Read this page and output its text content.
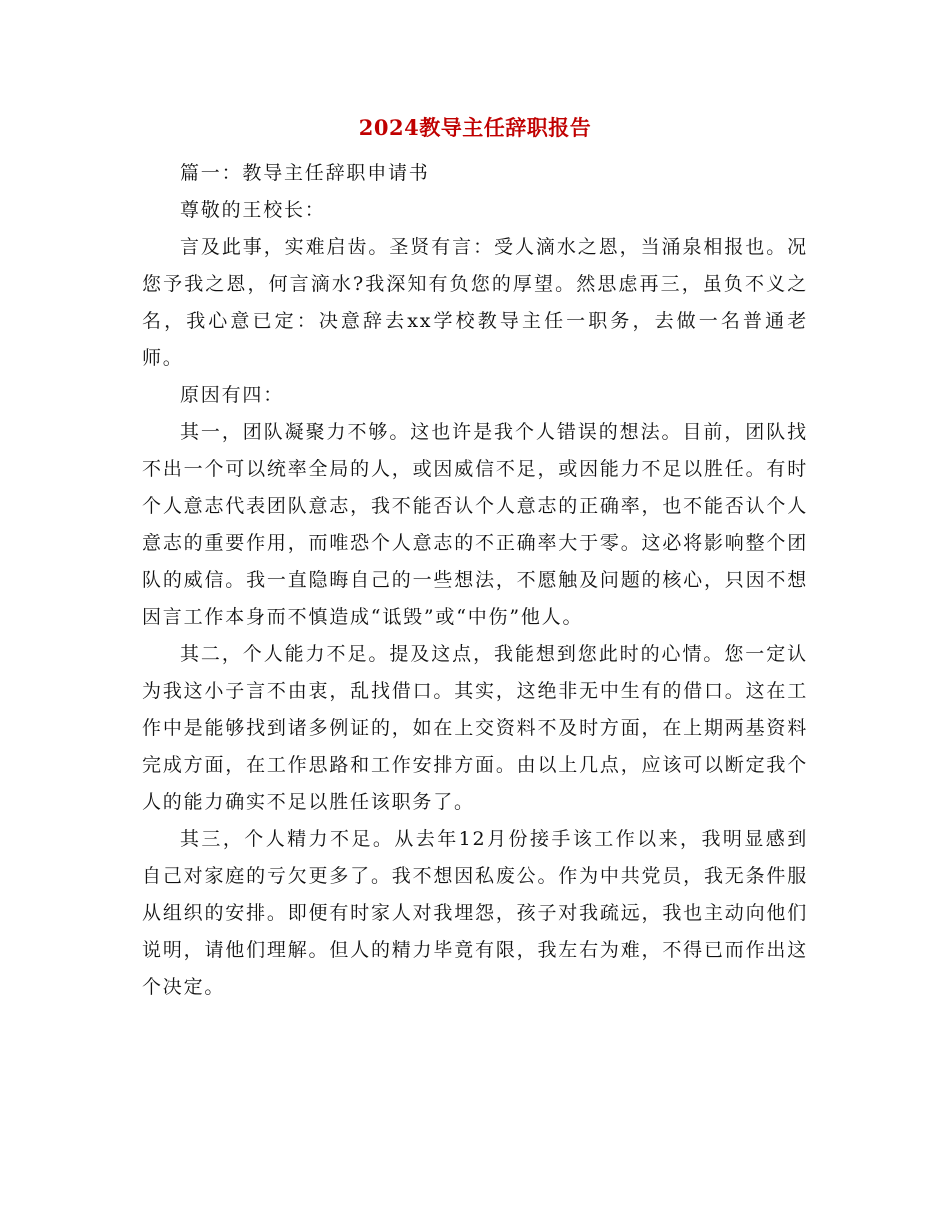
2024教导主任辞职报告

篇一：教导主任辞职申请书

尊敬的王校长：

言及此事，实难启齿。圣贤有言：受人滴水之恩，当涌泉相报也。况您予我之恩，何言滴水?我深知有负您的厚望。然思虑再三，虽负不义之名，我心意已定：决意辞去xx学校教导主任一职务，去做一名普通老师。

原因有四：

其一，团队凝聚力不够。这也许是我个人错误的想法。目前，团队找不出一个可以统率全局的人，或因威信不足，或因能力不足以胜任。有时个人意志代表团队意志，我不能否认个人意志的正确率，也不能否认个人意志的重要作用，而唯恐个人意志的不正确率大于零。这必将影响整个团队的威信。我一直隐晦自己的一些想法，不愿触及问题的核心，只因不想因言工作本身而不慎造成“诋毁”或“中伤”他人。

其二，个人能力不足。提及这点，我能想到您此时的心情。您一定认为我这小子言不由衷，乱找借口。其实，这绝非无中生有的借口。这在工作中是能够找到诸多例证的，如在上交资料不及时方面，在上期两基资料完成方面，在工作思路和工作安排方面。由以上几点，应该可以断定我个人的能力确实不足以胜任该职务了。

其三，个人精力不足。从去年12月份接手该工作以来，我明显感到自己对家庭的亏欠更多了。我不想因私废公。作为中共党员，我无条件服从组织的安排。即便有时家人对我埋怨，孩子对我疏远，我也主动向他们说明，请他们理解。但人的精力毕竟有限，我左右为难，不得已而作出这个决定。
